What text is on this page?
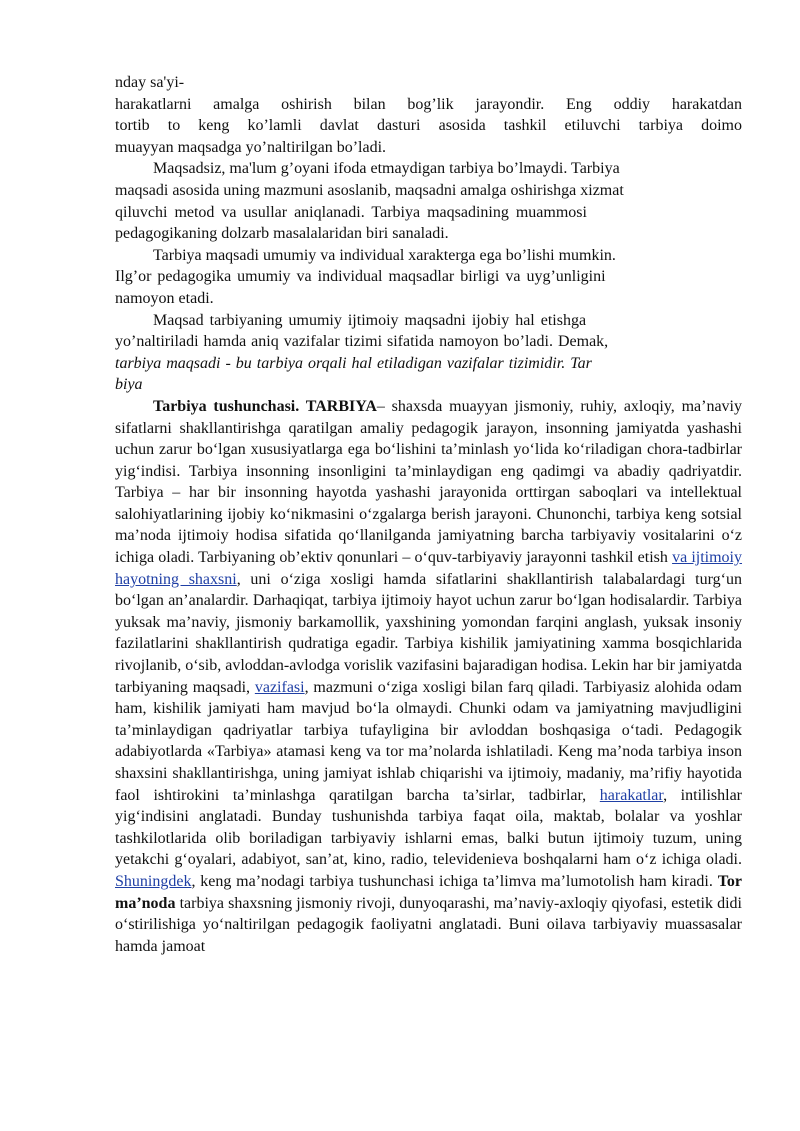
nday sa'yi-
harakatlarni amalga oshirish bilan bog’lik jarayondir. Eng oddiy harakatdan
tortib to keng ko’lamli davlat dasturi asosida tashkil etiluvchi tarbiya doimo
muayyan maqsadga yo’naltirilgan bo’ladi.

Maqsadsiz, ma'lum g’oyani ifoda etmaydigan tarbiya bo’lmaydi. Tarbiya
maqsadi asosida uning mazmuni asoslanib, maqsadni amalga oshirishga xizmat
qiluvchi metod va usullar aniqlanadi. Tarbiya maqsadining muammosi
pedagogikaning dolzarb masalalaridan biri sanaladi.

Tarbiya maqsadi umumiy va individual xarakterga ega bo’lishi mumkin.
Ilg’or pedagogika umumiy va individual maqsadlar birligi va uyg’unligini
namoyon etadi.

Maqsad tarbiyaning umumiy ijtimoiy maqsadni ijobiy hal etishga
yo’naltiriladi hamda aniq vazifalar tizimi sifatida namoyon bo’ladi. Demak,
tarbiya maqsadi - bu tarbiya orqali hal etiladigan vazifalar tizimidir. Tar
biya

Tarbiya tushunchasi. TARBIYA– shaxsda muayyan jismoniy, ruhiy, axloqiy, ma’naviy sifatlarni shakllantirishga qaratilgan amaliy pedagogik jarayon, insonning jamiyatda yashashi uchun zarur bo‘lgan xususiyatlarga ega bo‘lishini ta’minlash yo‘lida ko‘riladigan chora-tadbirlar yig‘indisi. Tarbiya insonning insonligini ta’minlaydigan eng qadimgi va abadiy qadriyatdir. Tarbiya – har bir insonning hayotda yashashi jarayonida orttirgan saboqlari va intellektual salohiyatlarining ijobiy ko‘nikmasini o‘zgalarga berish jarayoni. Chunonchi, tarbiya keng sotsial ma’noda ijtimoiy hodisa sifatida qo‘llanilganda jamiyatning barcha tarbiyaviy vositalarini o‘z ichiga oladi. Tarbiyaning ob’ektiv qonunlari – o‘quv-tarbiyaviy jarayonni tashkil etish va ijtimoiy hayotning shaxsni, uni o‘ziga xosligi hamda sifatlarini shakllantirish talabalardagi turg‘un bo‘lgan an’analardir. Darhaqiqat, tarbiya ijtimoiy hayot uchun zarur bo‘lgan hodisalardir. Tarbiya yuksak ma’naviy, jismoniy barkamollik, yaxshining yomondan farqini anglash, yuksak insoniy fazilatlarini shakllantirish qudratiga egadir. Tarbiya kishilik jamiyatining xamma bosqichlarida rivojlanib, o‘sib, avloddan-avlodga vorislik vazifasini bajaradigan hodisa. Lekin har bir jamiyatda tarbiyaning maqsadi, vazifasi, mazmuni o‘ziga xosligi bilan farq qiladi. Tarbiyasiz alohida odam ham, kishilik jamiyati ham mavjud bo‘la olmaydi. Chunki odam va jamiyatning mavjudligini ta’minlaydigan qadriyatlar tarbiya tufayligina bir avloddan boshqasiga o‘tadi. Pedagogik adabiyotlarda «Tarbiya» atamasi keng va tor ma’nolarda ishlatiladi. Keng ma’noda tarbiya inson shaxsini shakllantirishga, uning jamiyat ishlab chiqarishi va ijtimoiy, madaniy, ma’rifiy hayotida faol ishtirokini ta’minlashga qaratilgan barcha ta’sirlar, tadbirlar, harakatlar, intilishlar yig‘indisini anglatadi. Bunday tushunishda tarbiya faqat oila, maktab, bolalar va yoshlar tashkilotlarida olib boriladigan tarbiyaviy ishlarni emas, balki butun ijtimoiy tuzum, uning yetakchi g‘oyalari, adabiyot, san’at, kino, radio, televidenieva boshqalarni ham o‘z ichiga oladi. Shuningdek, keng ma’nodagi tarbiya tushunchasi ichiga ta’limva ma’lumotolish ham kiradi. Tor ma’noda tarbiya shaxsning jismoniy rivoji, dunyoqarashi, ma’naviy-axloqiy qiyofasi, estetik didi o‘stirilishiga yo‘naltirilgan pedagogik faoliyatni anglatadi. Buni oilava tarbiyaviy muassasalar hamda jamoat
